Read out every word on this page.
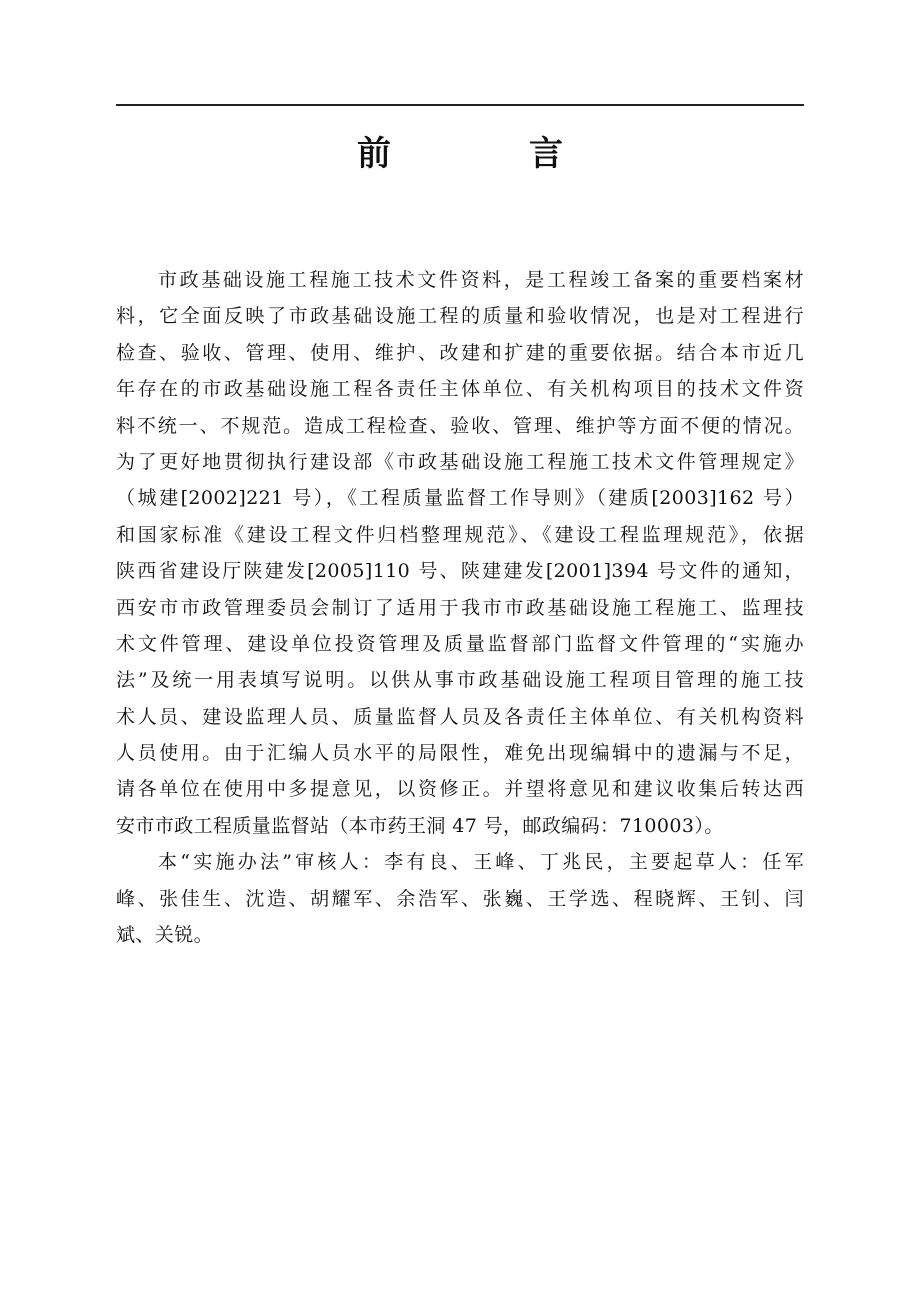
前　言
市政基础设施工程施工技术文件资料，是工程竣工备案的重要档案材
料，它全面反映了市政基础设施工程的质量和验收情况，也是对工程进行
检查、验收、管理、使用、维护、改建和扩建的重要依据。结合本市近几
年存在的市政基础设施工程各责任主体单位、有关机构项目的技术文件资
料不统一、不规范。造成工程检查、验收、管理、维护等方面不便的情况。
为了更好地贯彻执行建设部《市政基础设施工程施工技术文件管理规定》
（城建[2002]221 号），《工程质量监督工作导则》（建质[2003]162 号）
和国家标准《建设工程文件归档整理规范》、《建设工程监理规范》，依据
陕西省建设厅陕建发[2005]110 号、陕建建发[2001]394 号文件的通知，
西安市市政管理委员会制订了适用于我市市政基础设施工程施工、监理技
术文件管理、建设单位投资管理及质量监督部门监督文件管理的“实施办
法”及统一用表填写说明。以供从事市政基础设施工程项目管理的施工技
术人员、建设监理人员、质量监督人员及各责任主体单位、有关机构资料
人员使用。由于汇编人员水平的局限性，难免出现编辑中的遗漏与不足，
请各单位在使用中多提意见，以资修正。并望将意见和建议收集后转达西
安市市政工程质量监督站（本市药王洞 47 号，邮政编码：710003）。
本“实施办法”审核人：李有良、王峰、丁兆民，主要起草人：任军
峰、张佳生、沈造、胡耀军、余浩军、张巍、王学选、程晓辉、王钊、闫
斌、关锐。
